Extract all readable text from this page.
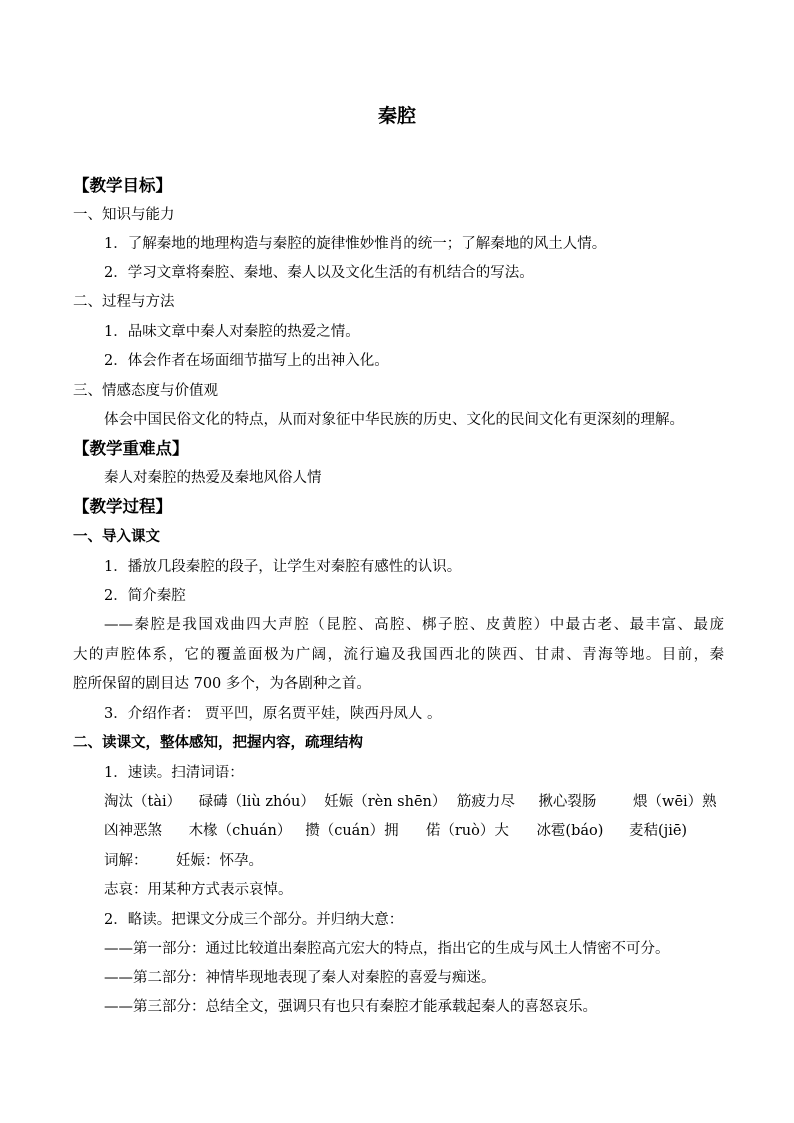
秦腔
【教学目标】
一、知识与能力
1．了解秦地的地理构造与秦腔的旋律惟妙惟肖的统一；了解秦地的风土人情。
2．学习文章将秦腔、秦地、秦人以及文化生活的有机结合的写法。
二、过程与方法
1．品味文章中秦人对秦腔的热爱之情。
2．体会作者在场面细节描写上的出神入化。
三、情感态度与价值观
体会中国民俗文化的特点，从而对象征中华民族的历史、文化的民间文化有更深刻的理解。
【教学重难点】
秦人对秦腔的热爱及秦地风俗人情
【教学过程】
一、导入课文
1．播放几段秦腔的段子，让学生对秦腔有感性的认识。
2．简介秦腔
——秦腔是我国戏曲四大声腔（昆腔、高腔、梆子腔、皮黄腔）中最古老、最丰富、最庞
大的声腔体系，它的覆盖面极为广阔，流行遍及我国西北的陕西、甘肃、青海等地。目前，秦
腔所保留的剧目达 700 多个，为各剧种之首。
3．介绍作者： 贾平凹，原名贾平娃，陕西丹凤人 。
二、读课文，整体感知，把握内容，疏理结构
1．速读。扫清词语：
淘汰（tài） 碌碡（liù zhóu） 妊娠（rèn shēn） 筋疲力尽 揪心裂肠	煨（wēi）熟
凶神恶煞 木椽（chuán） 攒（cuán）拥 偌（ruò）大 冰雹(báo) 麦秸(jiē)
词解： 妊娠：怀孕。
志哀：用某种方式表示哀悼。
2．略读。把课文分成三个部分。并归纳大意：
——第一部分：通过比较道出秦腔高亢宏大的特点，指出它的生成与风土人情密不可分。
——第二部分：神情毕现地表现了秦人对秦腔的喜爱与痴迷。
——第三部分：总结全文，强调只有也只有秦腔才能承载起秦人的喜怒哀乐。
